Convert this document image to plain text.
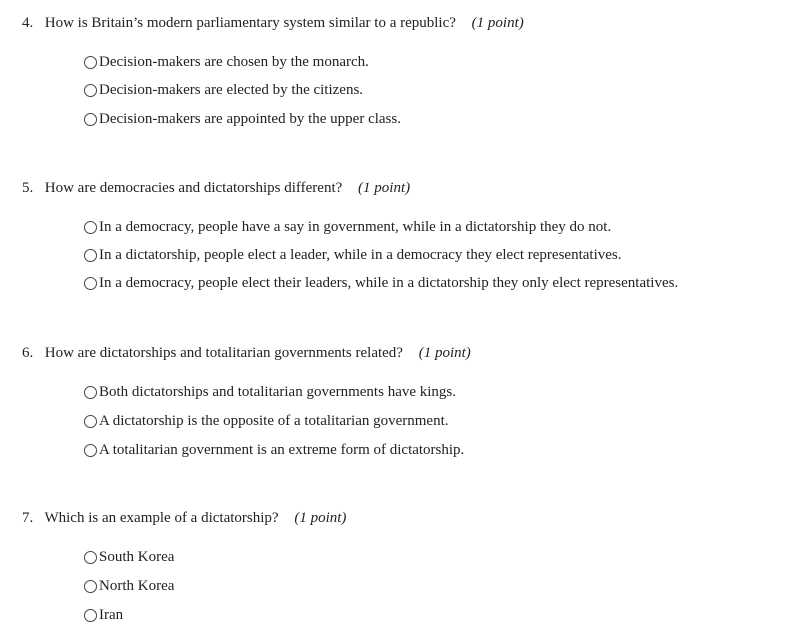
4. How is Britain’s modern parliamentary system similar to a republic? (1 point)
Decision-makers are chosen by the monarch.
Decision-makers are elected by the citizens.
Decision-makers are appointed by the upper class.
5. How are democracies and dictatorships different? (1 point)
In a democracy, people have a say in government, while in a dictatorship they do not.
In a dictatorship, people elect a leader, while in a democracy they elect representatives.
In a democracy, people elect their leaders, while in a dictatorship they only elect representatives.
6. How are dictatorships and totalitarian governments related? (1 point)
Both dictatorships and totalitarian governments have kings.
A dictatorship is the opposite of a totalitarian government.
A totalitarian government is an extreme form of dictatorship.
7. Which is an example of a dictatorship? (1 point)
South Korea
North Korea
Iran
